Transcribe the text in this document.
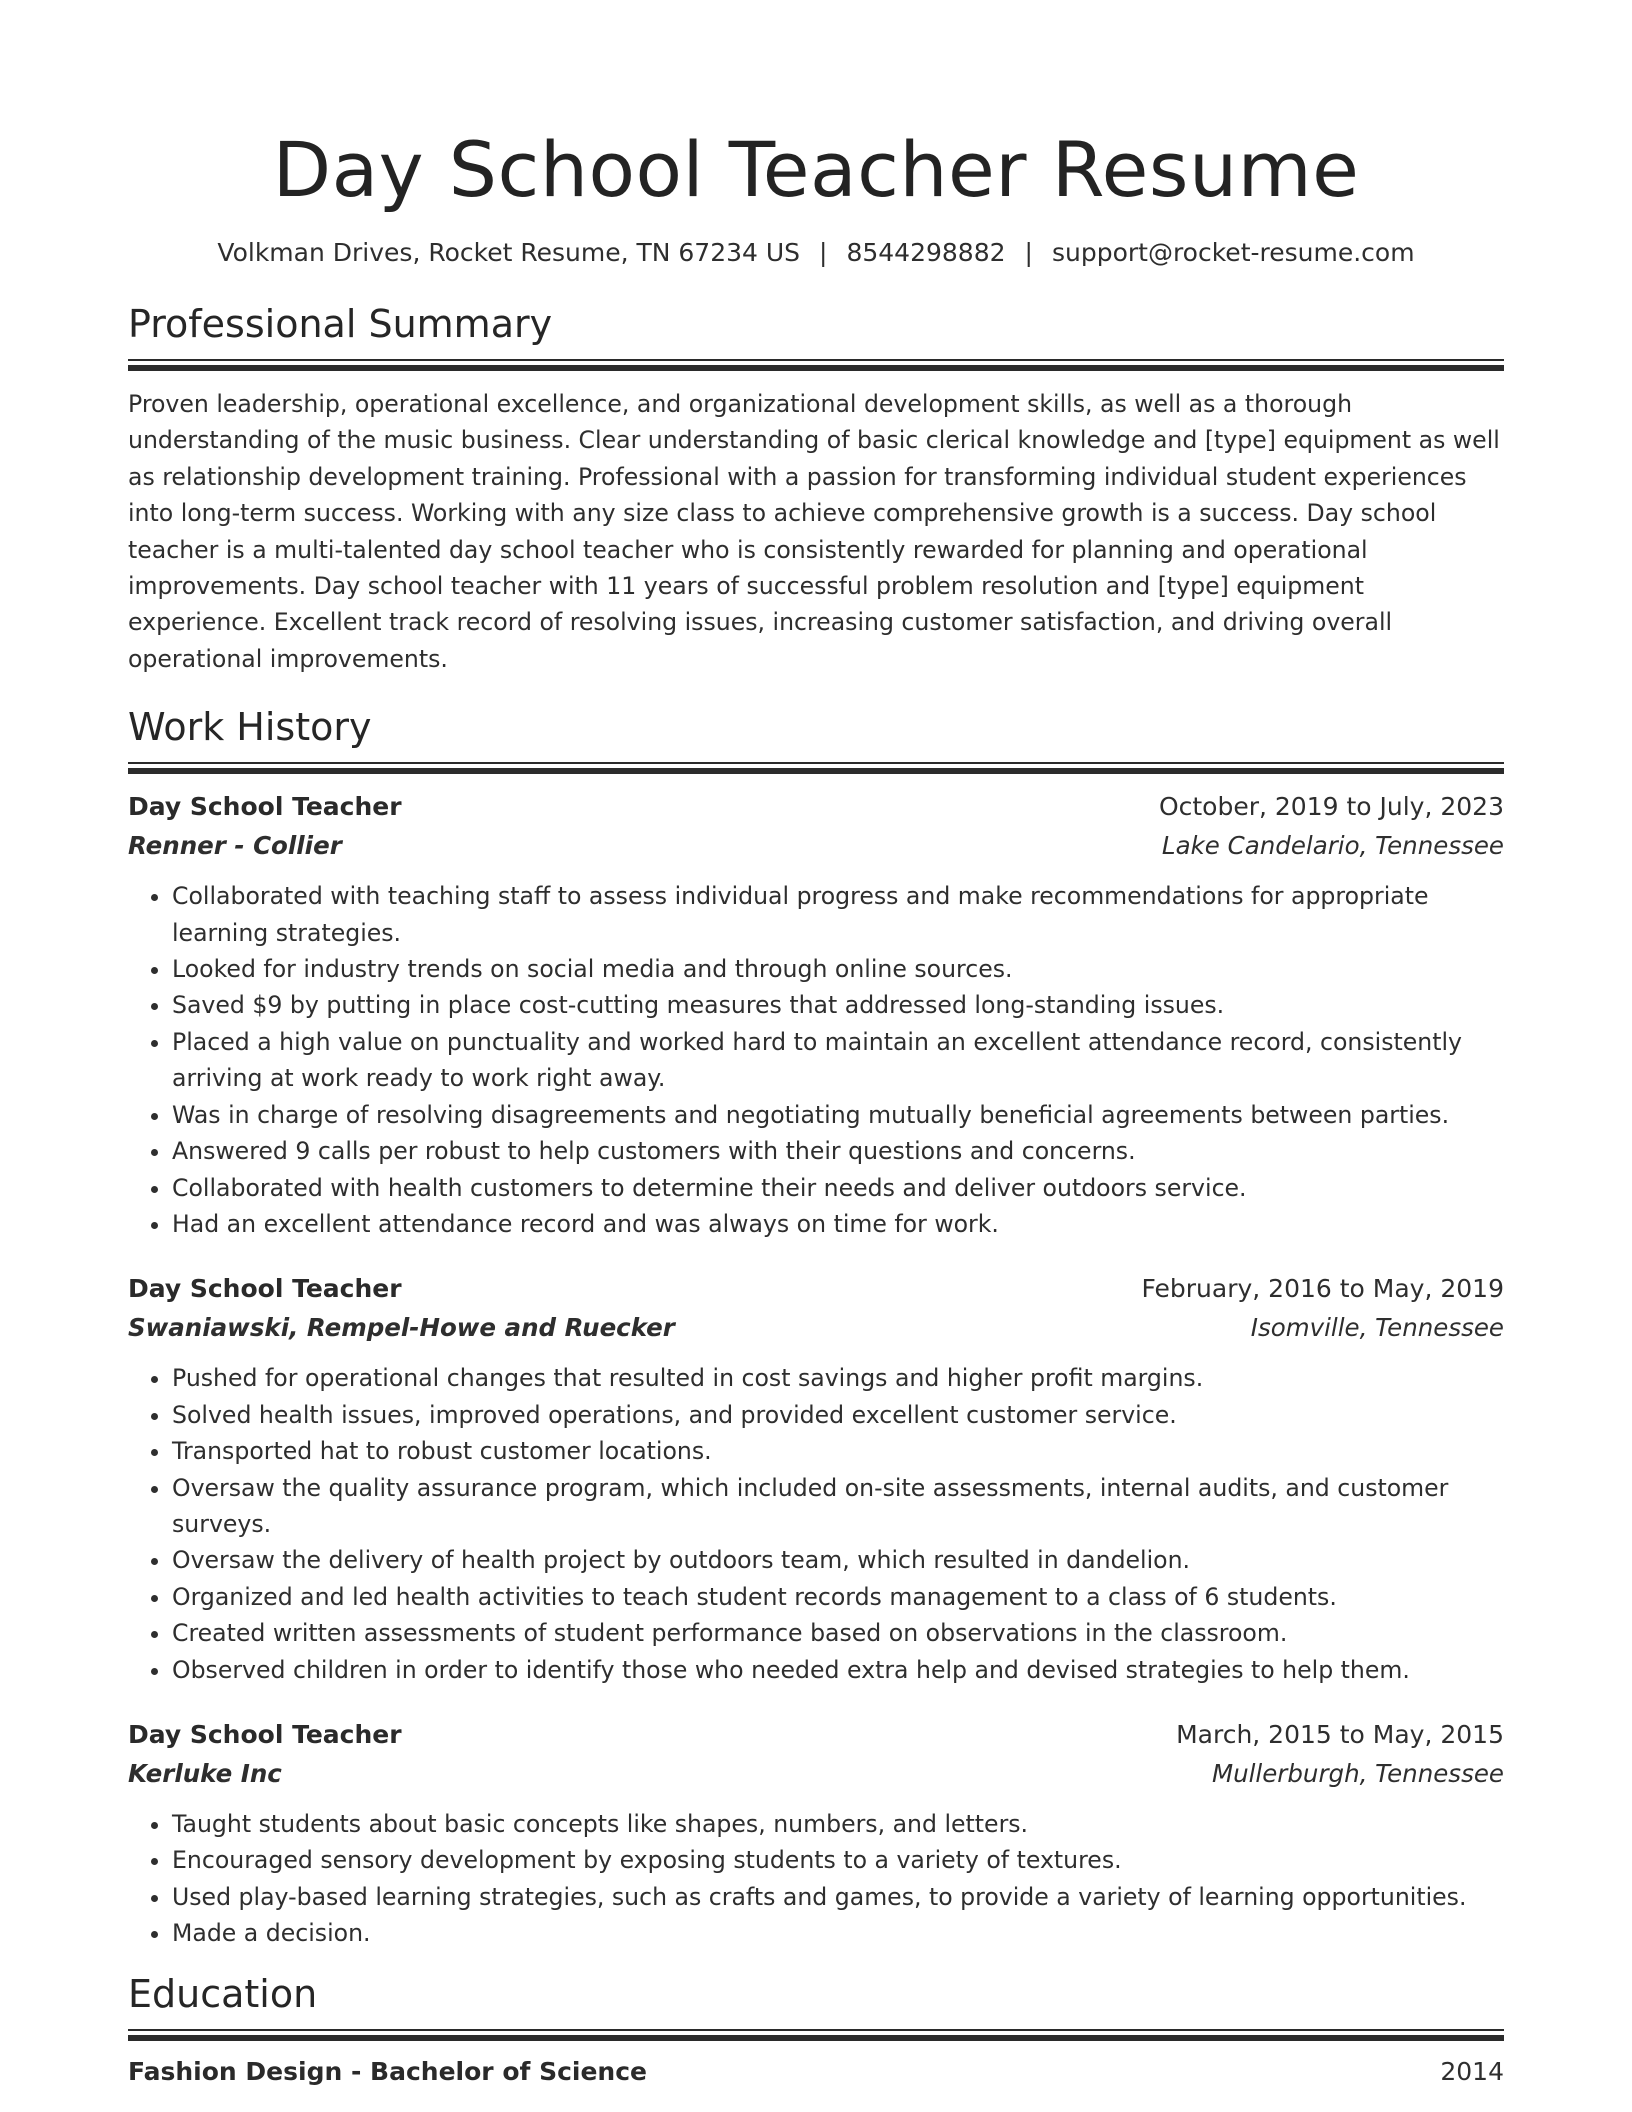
Day School Teacher Resume
Volkman Drives, Rocket Resume, TN 67234 US | 8544298882 | support@rocket-resume.com
Professional Summary

Proven leadership, operational excellence, and organizational development skills, as well as a thorough understanding of the music business. Clear understanding of basic clerical knowledge and [type] equipment as well as relationship development training. Professional with a passion for transforming individual student experiences into long-term success. Working with any size class to achieve comprehensive growth is a success. Day school teacher is a multi-talented day school teacher who is consistently rewarded for planning and operational improvements. Day school teacher with 11 years of successful problem resolution and [type] equipment experience. Excellent track record of resolving issues, increasing customer satisfaction, and driving overall operational improvements.

Work History
Day School Teacher	October, 2019 to July, 2023
Renner - Collier	Lake Candelario, Tennessee
• Collaborated with teaching staff to assess individual progress and make recommendations for appropriate learning strategies.
• Looked for industry trends on social media and through online sources.
• Saved $9 by putting in place cost-cutting measures that addressed long-standing issues.
• Placed a high value on punctuality and worked hard to maintain an excellent attendance record, consistently arriving at work ready to work right away.
• Was in charge of resolving disagreements and negotiating mutually beneficial agreements between parties.
• Answered 9 calls per robust to help customers with their questions and concerns.
• Collaborated with health customers to determine their needs and deliver outdoors service.
• Had an excellent attendance record and was always on time for work.
Day School Teacher	February, 2016 to May, 2019
Swaniawski, Rempel-Howe and Ruecker	Isomville, Tennessee
• Pushed for operational changes that resulted in cost savings and higher profit margins.
• Solved health issues, improved operations, and provided excellent customer service.
• Transported hat to robust customer locations.
• Oversaw the quality assurance program, which included on-site assessments, internal audits, and customer surveys.
• Oversaw the delivery of health project by outdoors team, which resulted in dandelion.
• Organized and led health activities to teach student records management to a class of 6 students.
• Created written assessments of student performance based on observations in the classroom.
• Observed children in order to identify those who needed extra help and devised strategies to help them.
Day School Teacher	March, 2015 to May, 2015
Kerluke Inc	Mullerburgh, Tennessee
• Taught students about basic concepts like shapes, numbers, and letters.
• Encouraged sensory development by exposing students to a variety of textures.
• Used play-based learning strategies, such as crafts and games, to provide a variety of learning opportunities.
• Made a decision.
Education
Fashion Design - Bachelor of Science	2014
